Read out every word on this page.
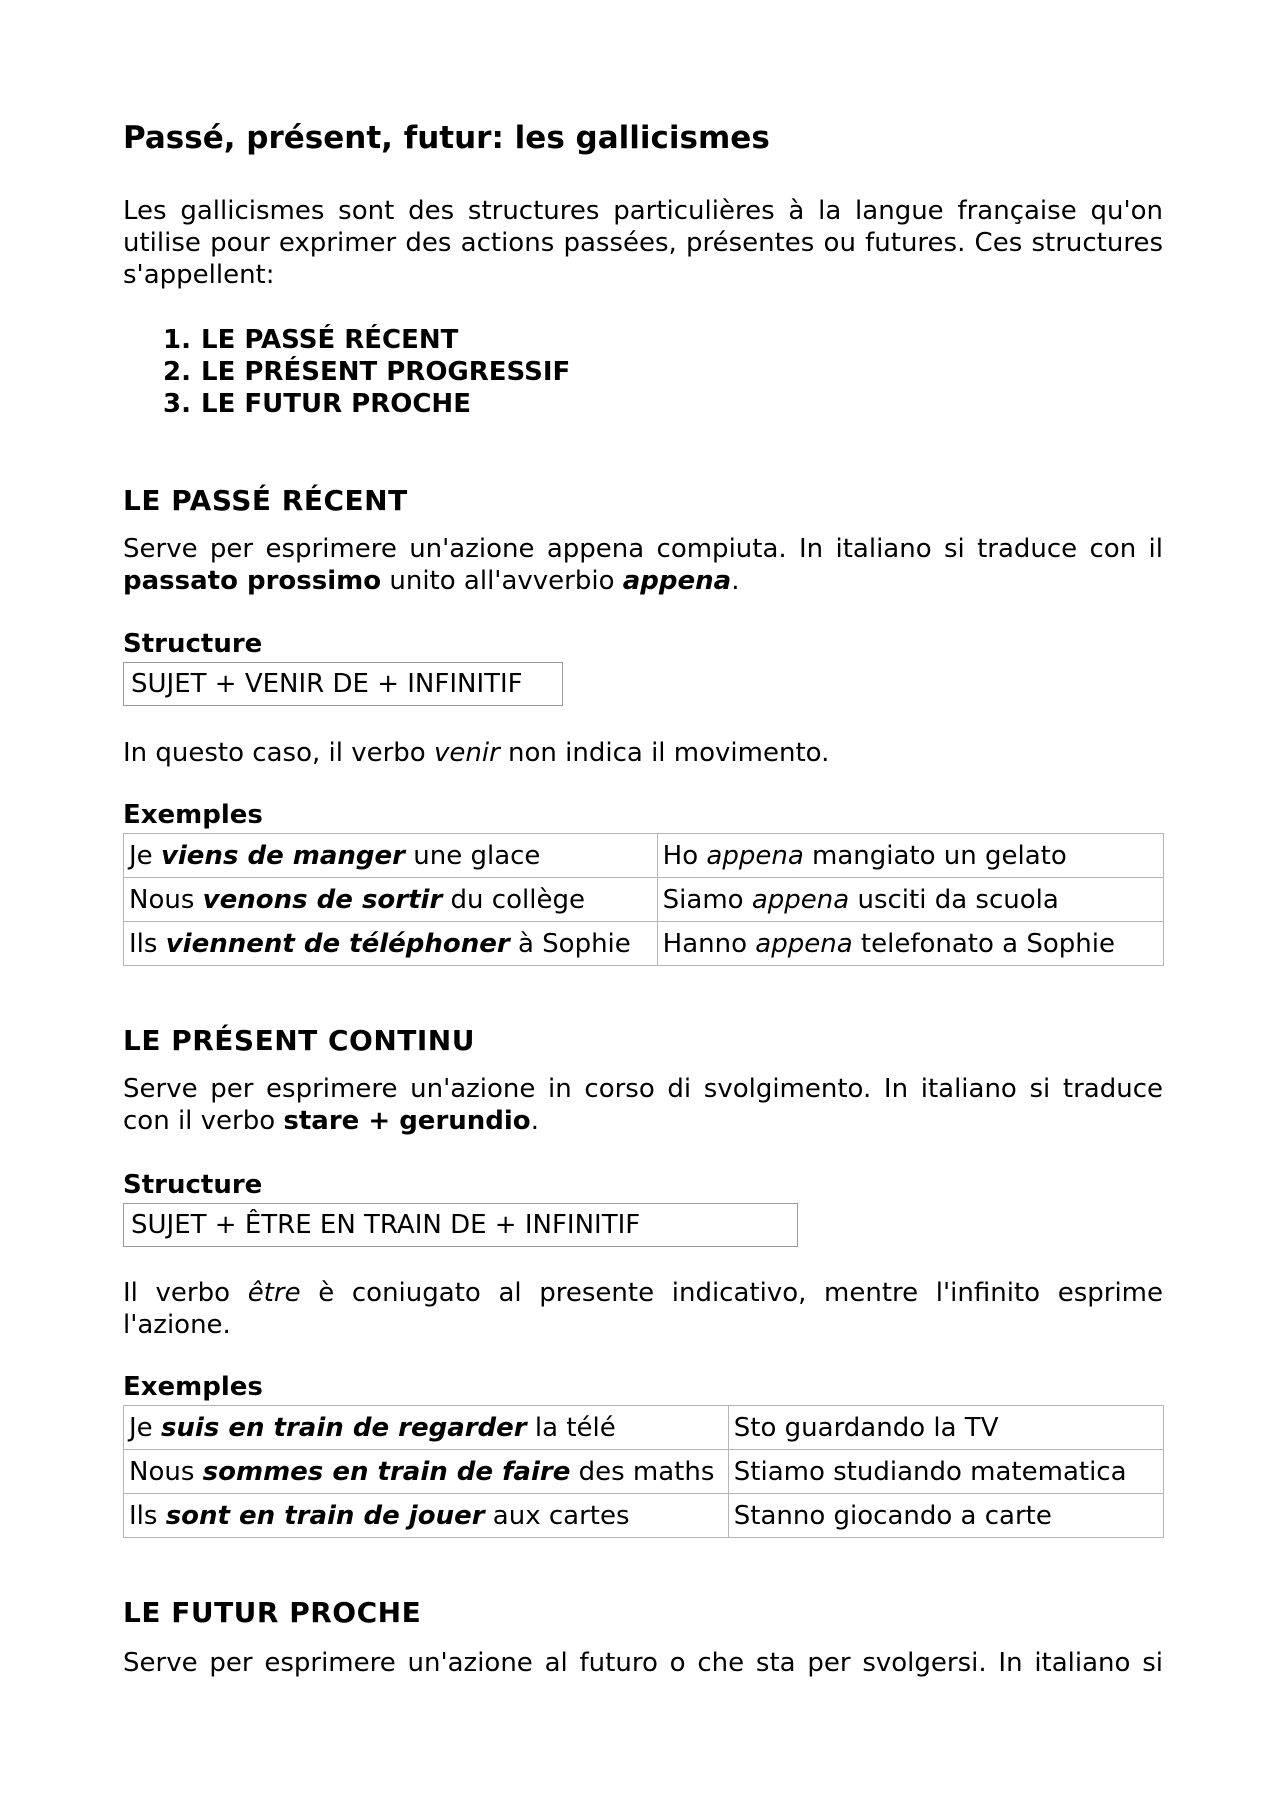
Passé, présent, futur: les gallicismes

Les gallicismes sont des structures particulières à la langue française qu'on utilise pour exprimer des actions passées, présentes ou futures. Ces structures s'appellent:

1. LE PASSÉ RÉCENT
2. LE PRÉSENT PROGRESSIF
3. LE FUTUR PROCHE
LE PASSÉ RÉCENT

Serve per esprimere un'azione appena compiuta. In italiano si traduce con il passato prossimo unito all'avverbio appena.

Structure
SUJET + VENIR DE + INFINITIF

In questo caso, il verbo venir non indica il movimento.

Exemples
Je viens de manger une glace	Ho appena mangiato un gelato
Nous venons de sortir du collège	Siamo appena usciti da scuola
Ils viennent de téléphoner à Sophie	Hanno appena telefonato a Sophie
LE PRÉSENT CONTINU

Serve per esprimere un'azione in corso di svolgimento. In italiano si traduce con il verbo stare + gerundio.

Structure
SUJET + ÊTRE EN TRAIN DE + INFINITIF

Il verbo être è coniugato al presente indicativo, mentre l'infinito esprime l'azione.

Exemples
Je suis en train de regarder la télé	Sto guardando la TV
Nous sommes en train de faire des maths	Stiamo studiando matematica
Ils sont en train de jouer aux cartes	Stanno giocando a carte
LE FUTUR PROCHE

Serve per esprimere un'azione al futuro o che sta per svolgersi. In italiano si
